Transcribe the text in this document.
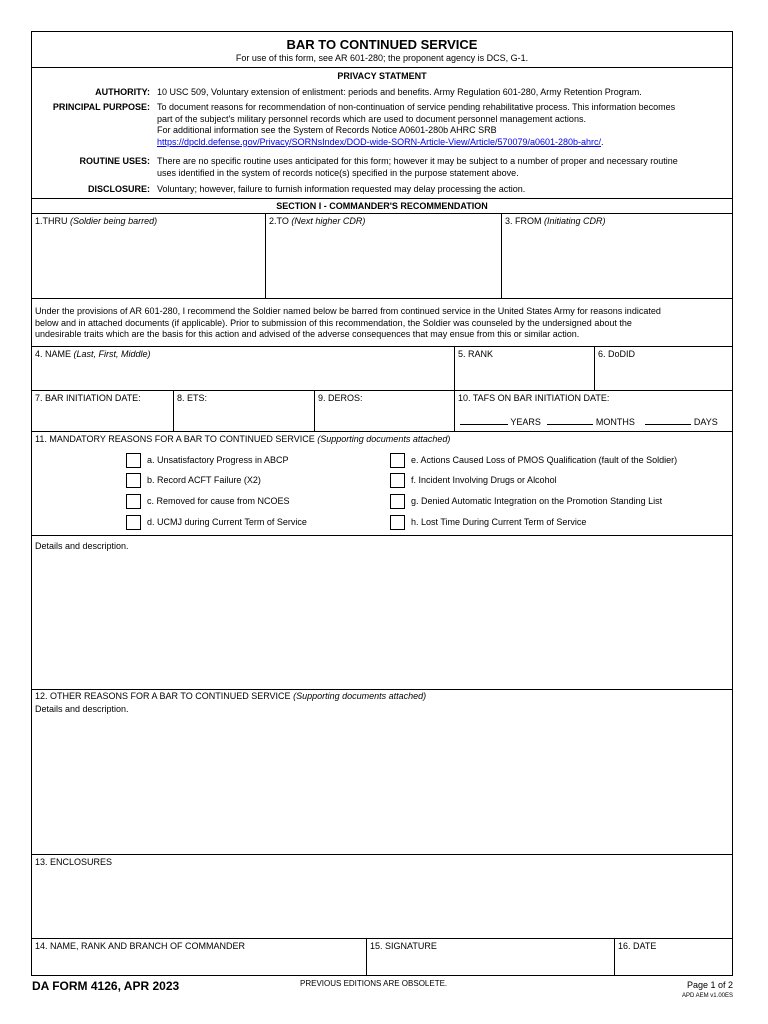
BAR TO CONTINUED SERVICE
For use of this form, see AR 601-280; the proponent agency is DCS, G-1.
PRIVACY STATMENT
AUTHORITY: 10 USC 509, Voluntary extension of enlistment: periods and benefits. Army Regulation 601-280, Army Retention Program.
PRINCIPAL PURPOSE: To document reasons for recommendation of non-continuation of service pending rehabilitative process. This information becomes
part of the subject's military personnel records which are used to document personnel management actions.
For additional information see the System of Records Notice A0601-280b AHRC SRB
https://dpcld.defense.gov/Privacy/SORNsIndex/DOD-wide-SORN-Article-View/Article/570079/a0601-280b-ahrc/.
ROUTINE USES: There are no specific routine uses anticipated for this form; however it may be subject to a number of proper and necessary routine
uses identified in the system of records notice(s) specified in the purpose statement above.
DISCLOSURE: Voluntary; however, failure to furnish information requested may delay processing the action.
SECTION I - COMMANDER'S RECOMMENDATION
1.THRU (Soldier being barred)	2.TO (Next higher CDR)	3. FROM (Initiating CDR)
Under the provisions of AR 601-280, I recommend the Soldier named below be barred from continued service in the United States Army for reasons indicated
below and in attached documents (if applicable). Prior to submission of this recommendation, the Soldier was counseled by the undersigned about the
undesirable traits which are the basis for this action and advised of the adverse consequences that may ensue from this or similar action.
4. NAME (Last, First, Middle)	5. RANK	6. DoDID
7. BAR INITIATION DATE:	8. ETS:	9. DEROS:	10. TAFS ON BAR INITIATION DATE:
YEARS	MONTHS	DAYS
11. MANDATORY REASONS FOR A BAR TO CONTINUED SERVICE (Supporting documents attached)
a. Unsatisfactory Progress in ABCP
b. Record ACFT Failure (X2)
c. Removed for cause from NCOES
d. UCMJ during Current Term of Service
e. Actions Caused Loss of PMOS Qualification (fault of the Soldier)
f. Incident Involving Drugs or Alcohol
g. Denied Automatic Integration on the Promotion Standing List
h. Lost Time During Current Term of Service
Details and description.
12. OTHER REASONS FOR A BAR TO CONTINUED SERVICE (Supporting documents attached)
Details and description.
13. ENCLOSURES
14. NAME, RANK AND BRANCH OF COMMANDER	15. SIGNATURE	16. DATE
DA FORM 4126, APR 2023	PREVIOUS EDITIONS ARE OBSOLETE.	Page 1 of 2
APD AEM v1.00ES
